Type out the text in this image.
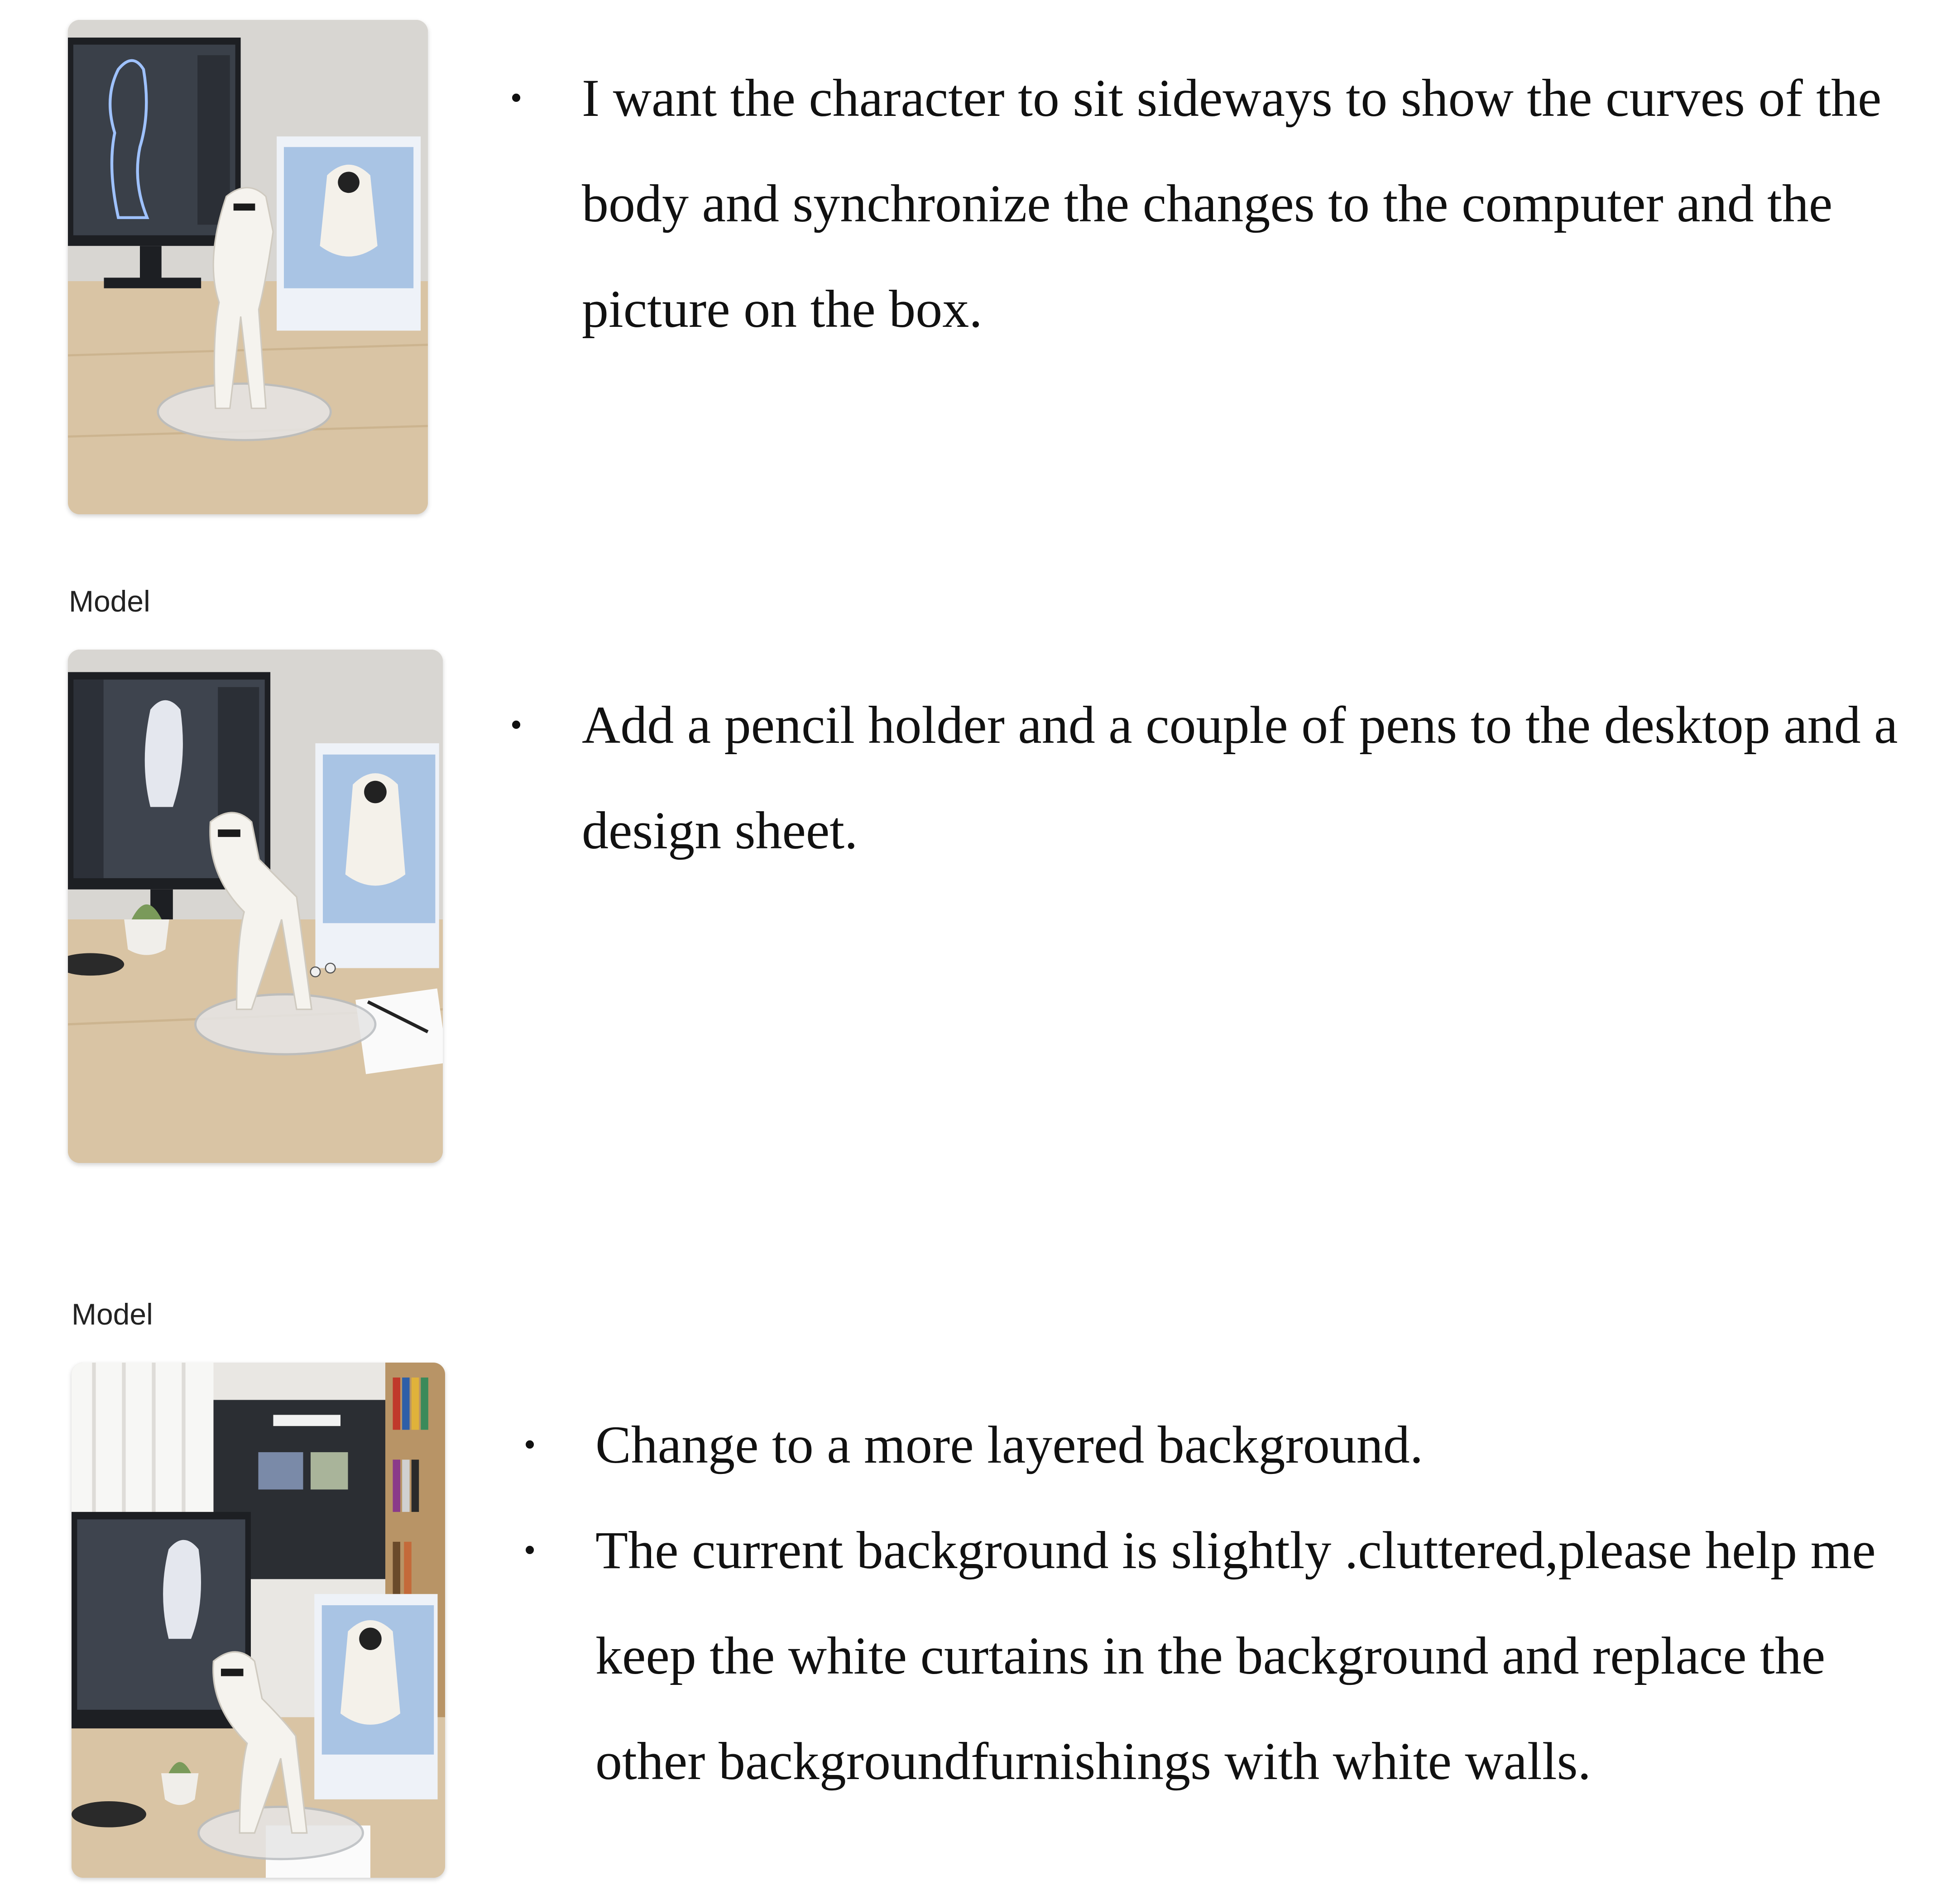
• I want the character to sit sideways to show the curves of the body and synchronize the changes to the computer and the picture on the box.

Model

• Add a pencil holder and a couple of pens to the desktop and a design sheet.

Model

• Change to a more layered background.
• The current background is slightly .cluttered,please help me keep the white curtains in the background and replace the other backgroundfurnishings with white walls.
